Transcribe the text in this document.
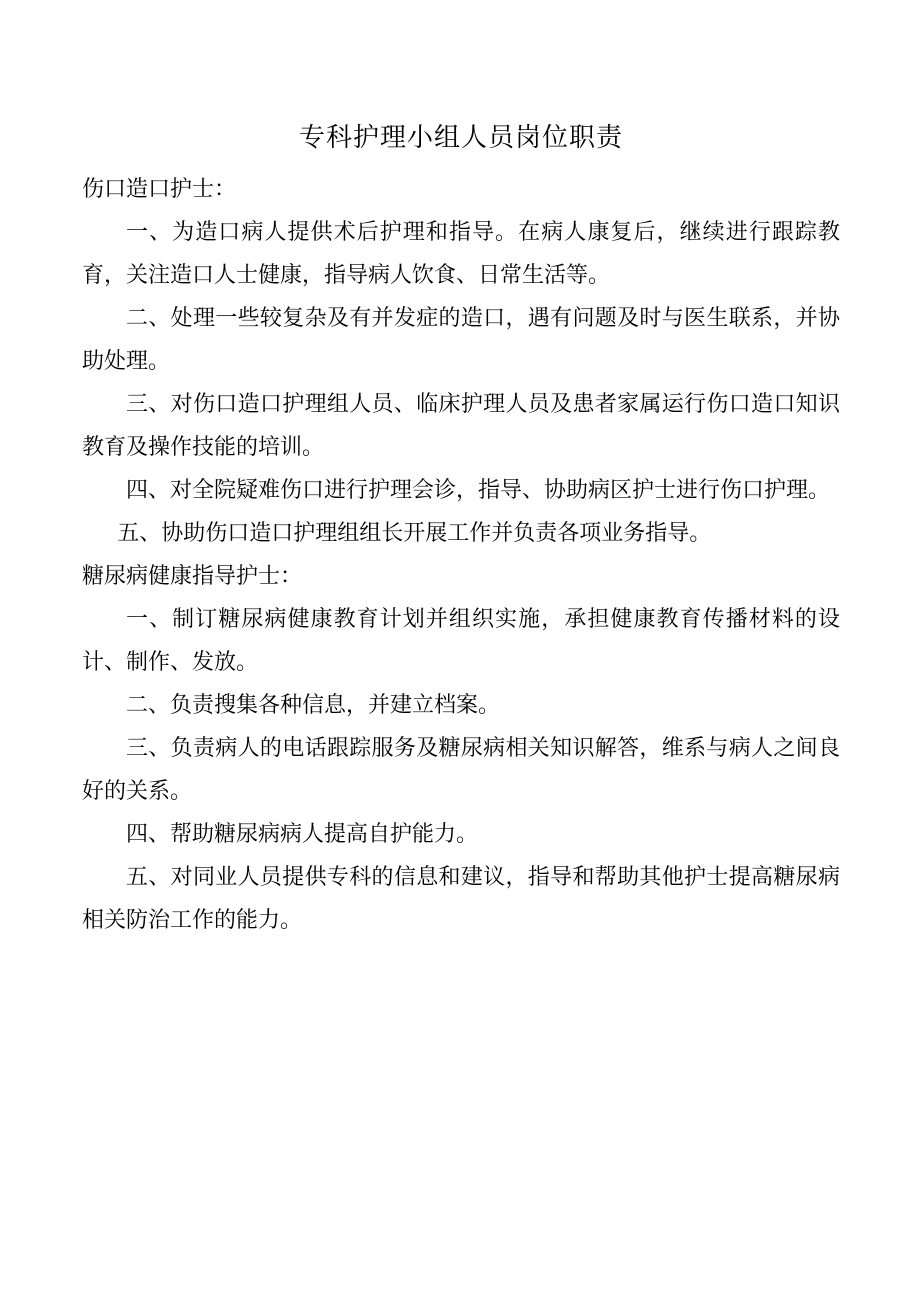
专科护理小组人员岗位职责

伤口造口护士：

一、为造口病人提供术后护理和指导。在病人康复后，继续进行跟踪教育，关注造口人士健康，指导病人饮食、日常生活等。

二、处理一些较复杂及有并发症的造口，遇有问题及时与医生联系，并协助处理。

三、对伤口造口护理组人员、临床护理人员及患者家属运行伤口造口知识教育及操作技能的培训。

四、对全院疑难伤口进行护理会诊，指导、协助病区护士进行伤口护理。

五、协助伤口造口护理组组长开展工作并负责各项业务指导。

糖尿病健康指导护士：

一、制订糖尿病健康教育计划并组织实施，承担健康教育传播材料的设计、制作、发放。

二、负责搜集各种信息，并建立档案。

三、负责病人的电话跟踪服务及糖尿病相关知识解答，维系与病人之间良好的关系。

四、帮助糖尿病病人提高自护能力。

五、对同业人员提供专科的信息和建议，指导和帮助其他护士提高糖尿病相关防治工作的能力。
